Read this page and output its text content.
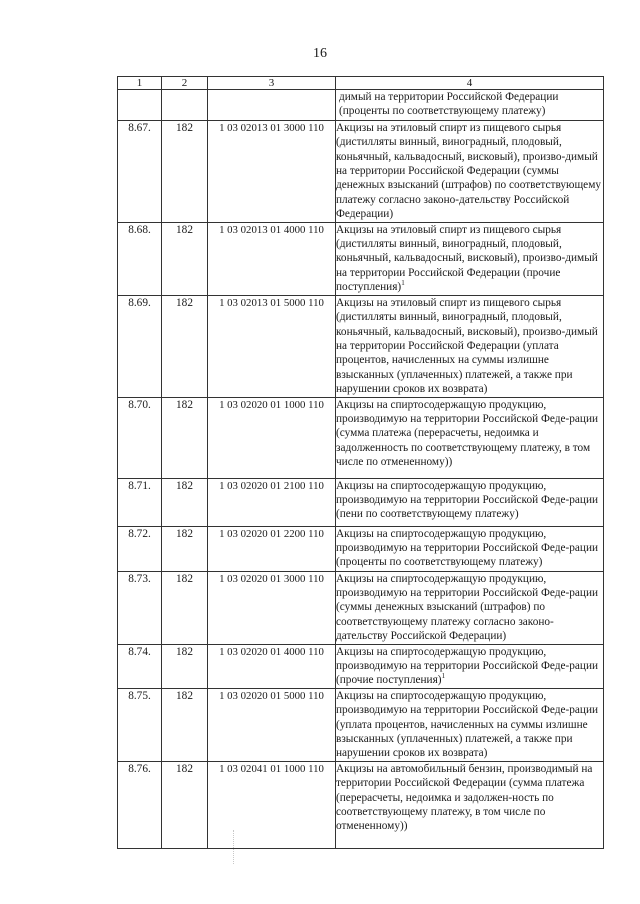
16
1	2	3	4
			димый на территории Российской Федерации (проценты по соответствующему платежу)
8.67.	182	1 03 02013 01 3000 110	Акцизы на этиловый спирт из пищевого сырья (дистилляты винный, виноградный, плодовый, коньячный, кальвадосный, висковый), произво-димый на территории Российской Федерации (суммы денежных взысканий (штрафов) по соответствующему платежу согласно законо-дательству Российской Федерации)
8.68.	182	1 03 02013 01 4000 110	Акцизы на этиловый спирт из пищевого сырья (дистилляты винный, виноградный, плодовый, коньячный, кальвадосный, висковый), произво-димый на территории Российской Федерации (прочие поступления)$^1$
8.69.	182	1 03 02013 01 5000 110	Акцизы на этиловый спирт из пищевого сырья (дистилляты винный, виноградный, плодовый, коньячный, кальвадосный, висковый), произво-димый на территории Российской Федерации (уплата процентов, начисленных на суммы излишне взысканных (уплаченных) платежей, а также при нарушении сроков их возврата)
8.70.	182	1 03 02020 01 1000 110	Акцизы на спиртосодержащую продукцию, производимую на территории Российской Феде-рации (сумма платежа (перерасчеты, недоимка и задолженность по соответствующему платежу, в том числе по отмененному))
8.71.	182	1 03 02020 01 2100 110	Акцизы на спиртосодержащую продукцию, производимую на территории Российской Феде-рации (пени по соответствующему платежу)
8.72.	182	1 03 02020 01 2200 110	Акцизы на спиртосодержащую продукцию, производимую на территории Российской Феде-рации (проценты по соответствующему платежу)
8.73.	182	1 03 02020 01 3000 110	Акцизы на спиртосодержащую продукцию, производимую на территории Российской Феде-рации (суммы денежных взысканий (штрафов) по соответствующему платежу согласно законо-дательству Российской Федерации)
8.74.	182	1 03 02020 01 4000 110	Акцизы на спиртосодержащую продукцию, производимую на территории Российской Феде-рации (прочие поступления)$^1$
8.75.	182	1 03 02020 01 5000 110	Акцизы на спиртосодержащую продукцию, производимую на территории Российской Феде-рации (уплата процентов, начисленных на суммы излишне взысканных (уплаченных) платежей, а также при нарушении сроков их возврата)
8.76.	182	1 03 02041 01 1000 110	Акцизы на автомобильный бензин, производимый на территории Российской Федерации (сумма платежа (перерасчеты, недоимка и задолжен-ность по соответствующему платежу, в том числе по отмененному))
